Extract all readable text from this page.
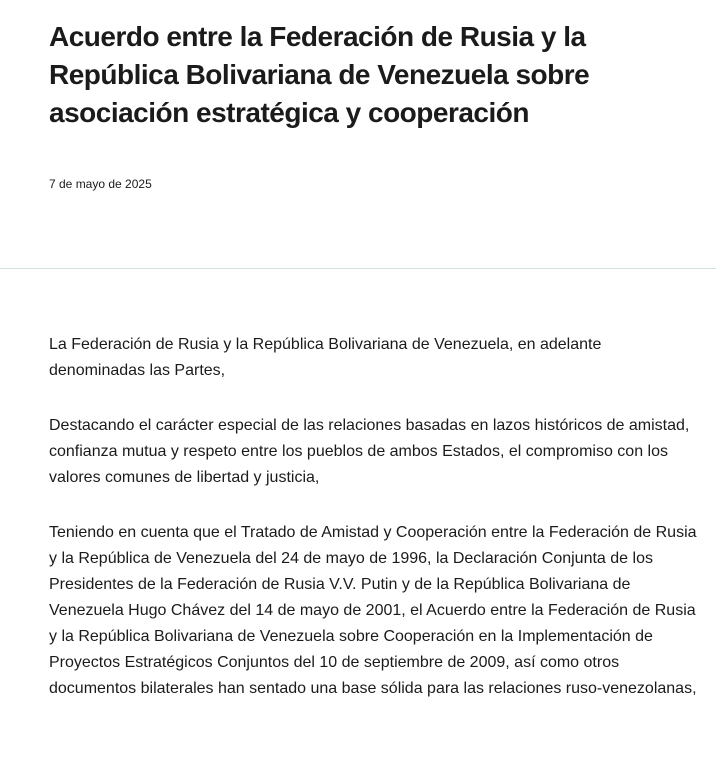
Acuerdo entre la Federación de Rusia y la República Bolivariana de Venezuela sobre asociación estratégica y cooperación
7 de mayo de 2025

La Federación de Rusia y la República Bolivariana de Venezuela, en adelante denominadas las Partes,

Destacando el carácter especial de las relaciones basadas en lazos históricos de amistad, confianza mutua y respeto entre los pueblos de ambos Estados, el compromiso con los valores comunes de libertad y justicia,

Teniendo en cuenta que el Tratado de Amistad y Cooperación entre la Federación de Rusia y la República de Venezuela del 24 de mayo de 1996, la Declaración Conjunta de los Presidentes de la Federación de Rusia V.V. Putin y de la República Bolivariana de Venezuela Hugo Chávez del 14 de mayo de 2001, el Acuerdo entre la Federación de Rusia y la República Bolivariana de Venezuela sobre Cooperación en la Implementación de Proyectos Estratégicos Conjuntos del 10 de septiembre de 2009, así como otros documentos bilaterales han sentado una base sólida para las relaciones ruso-venezolanas,
